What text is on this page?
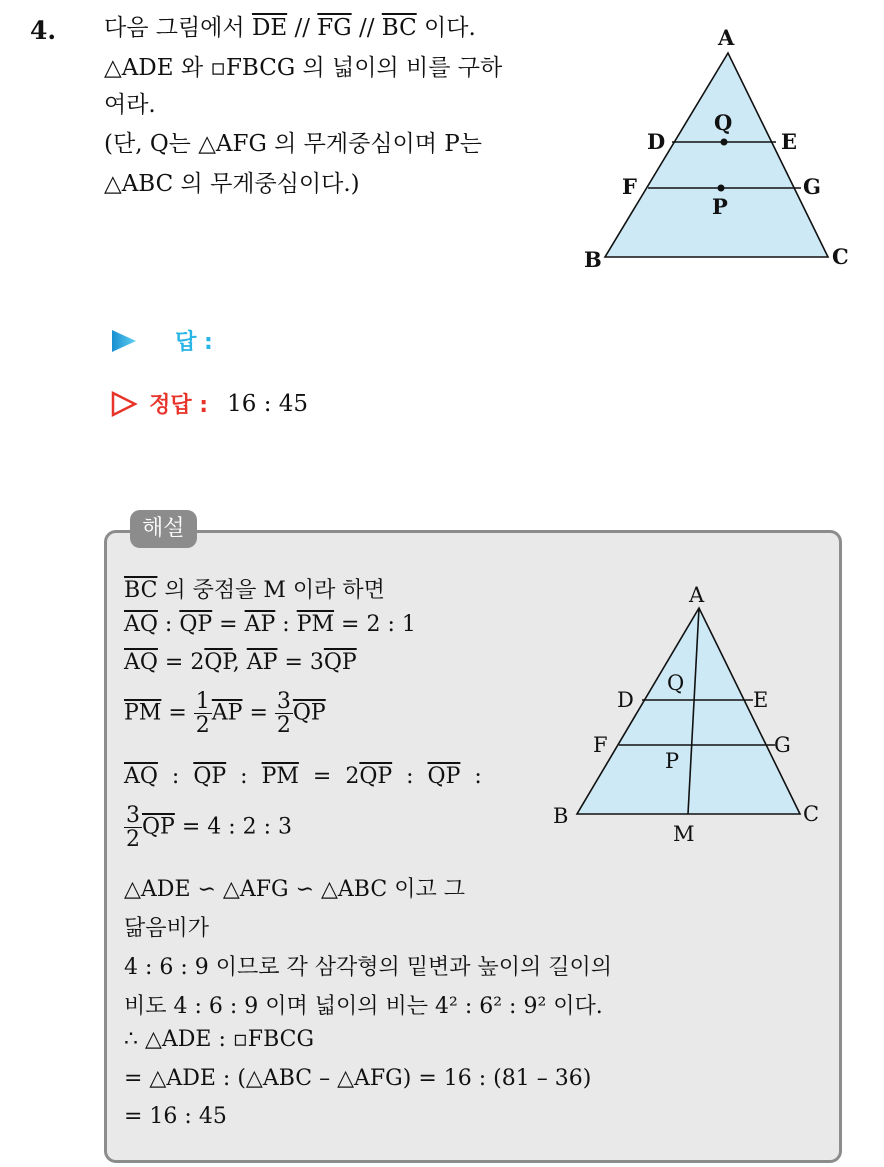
4. 다음 그림에서 $\overline{DE} // \overline{FG} // \overline{BC}$ 이다.
△ADE 와 ▫FBCG 의 넓이의 비를 구하
여라.
(단, Q는 △AFG 의 무게중심이며 P는
△ABC 의 무게중심이다.)
A
B	C
D	E
F	G
Q
P
답 :
정답 : 16 : 45
해설
$\overline{BC}$ 의 중점을 M 이라 하면
$\overline{AQ}$ : $\overline{QP} = \overline{AP}$ : $\overline{PM} = 2$ : 1
$\overline{AQ} = 2\overline{QP}$, $\overline{AP} = 3\overline{QP}$
$\overline{PM} = \frac{1}{2} \overline{AP} = \frac{3}{2} \overline{QP}$
$\overline{AQ}$  :  $\overline{QP}$  :  $\overline{PM} = 2\overline{QP}$  :  $\overline{QP}$  :
$\frac{3}{2} \overline{QP} = 4$ : 2 : 3
△ADE ∽ △AFG ∽ △ABC 이고 그
닮음비가
4 : 6 : 9 이므로 각 삼각형의 밑변과 높이의 길이의
비도 4 : 6 : 9 이며 넓이의 비는 4² : 6² : 9² 이다.
∴ △ADE : ▫FBCG
= △ADE : (△ABC – △AFG) = 16 : (81 – 36)
= 16 : 45
A
B	C
D	E
F	G
Q
P
M
